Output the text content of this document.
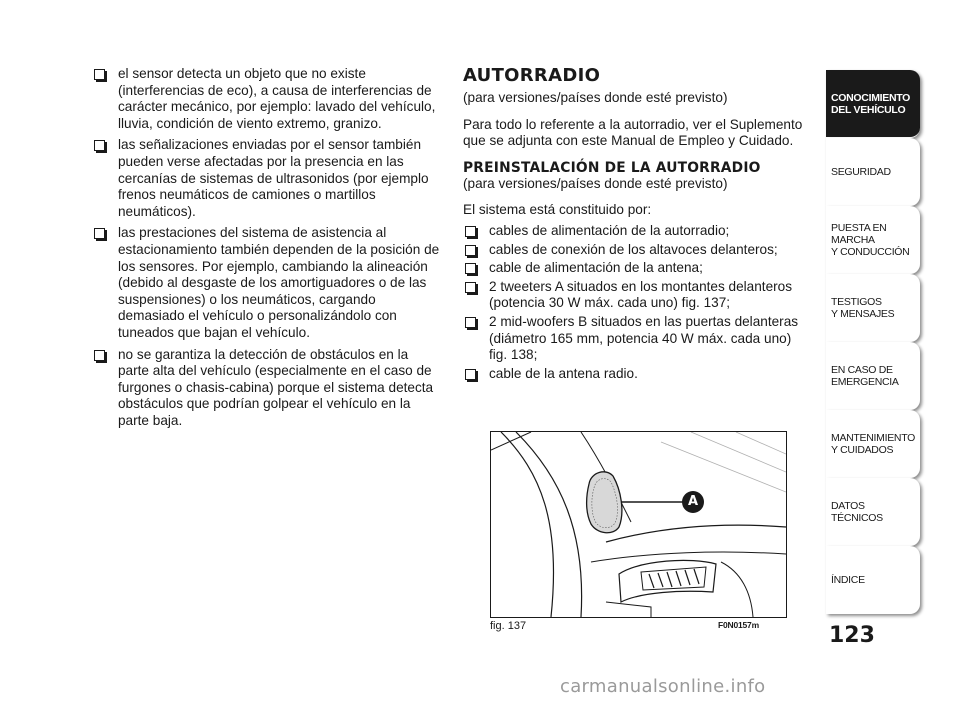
el sensor detecta un objeto que no existe (interferencias de eco), a causa de interferencias de carácter mecánico, por ejemplo: lavado del vehículo, lluvia, condición de viento extremo, granizo.
las señalizaciones enviadas por el sensor también pueden verse afectadas por la presencia en las cercanías de sistemas de ultrasonidos (por ejemplo frenos neumáticos de camiones o martillos neumáticos).
las prestaciones del sistema de asistencia al estacionamiento también dependen de la posición de los sensores. Por ejemplo, cambiando la alineación (debido al desgaste de los amortiguadores o de las suspensiones) o los neumáticos, cargando demasiado el vehículo o personalizándolo con tuneados que bajan el vehículo.
no se garantiza la detección de obstáculos en la parte alta del vehículo (especialmente en el caso de furgones o chasis-cabina) porque el sistema detecta obstáculos que podrían golpear el vehículo en la parte baja.
AUTORRADIO
(para versiones/países donde esté previsto)
Para todo lo referente a la autorradio, ver el Suplemento que se adjunta con este Manual de Empleo y Cuidado.
PREINSTALACIÓN DE LA AUTORRADIO
(para versiones/países donde esté previsto)
El sistema está constituido por:
cables de alimentación de la autorradio;
cables de conexión de los altavoces delanteros;
cable de alimentación de la antena;
2 tweeters A situados en los montantes delanteros (potencia 30 W máx. cada uno) fig. 137;
2 mid-woofers B situados en las puertas delanteras (diámetro 165 mm, potencia 40 W máx. cada uno) fig. 138;
cable de la antena radio.
A
fig. 137	F0N0157m
CONOCIMIENTO
DEL VEHÍCULO
SEGURIDAD
PUESTA EN
MARCHA
Y CONDUCCIÓN
TESTIGOS
Y MENSAJES
EN CASO DE
EMERGENCIA
MANTENIMIENTO
Y CUIDADOS
DATOS
TÉCNICOS
ÍNDICE
123
carmanualsonline.info
